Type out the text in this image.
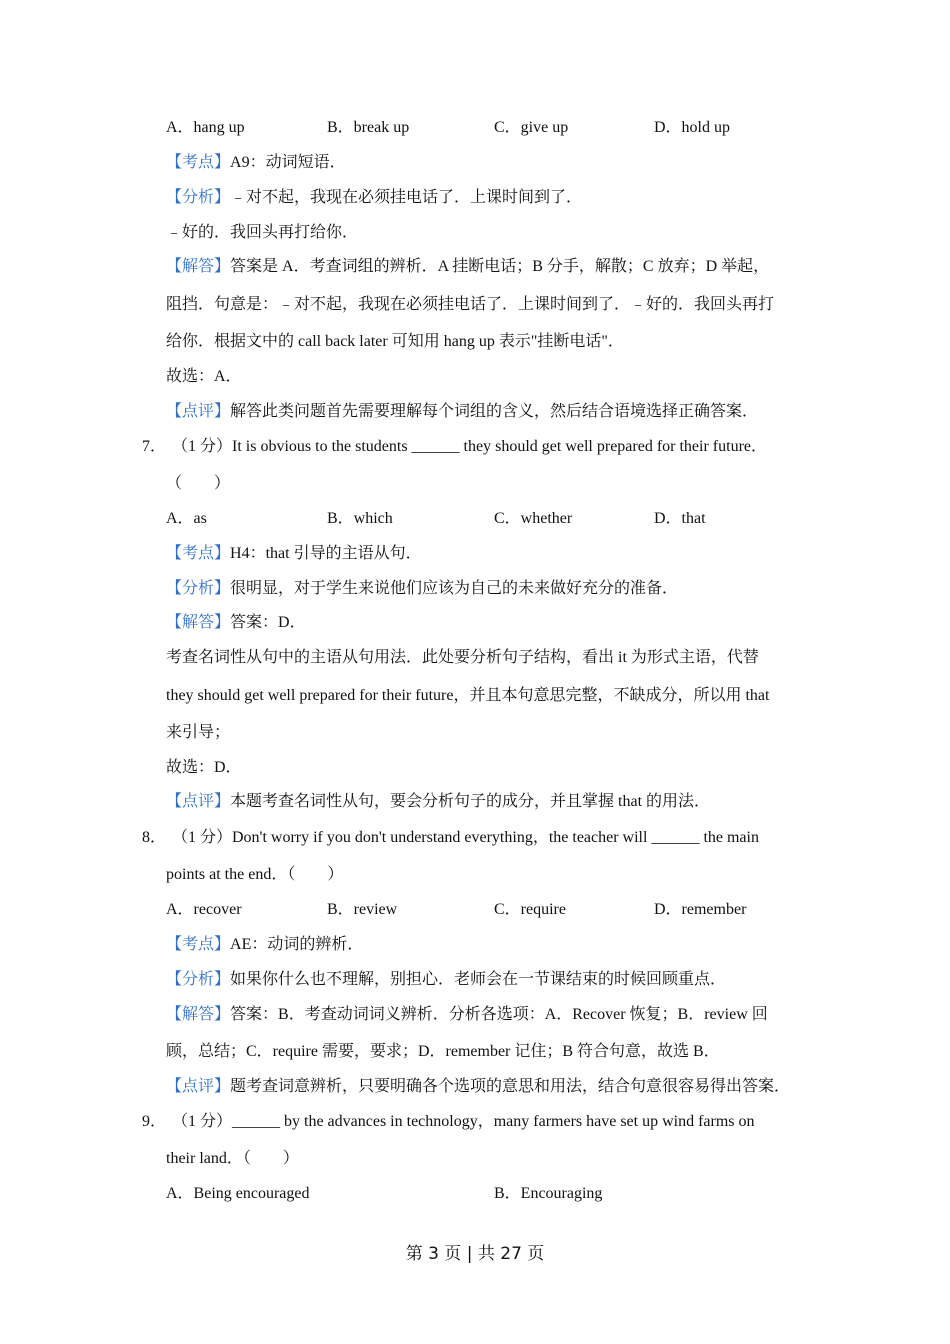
A．hang up	B．break up	C．give up	D．hold up
【考点】A9：动词短语．
【分析】﹣对不起，我现在必须挂电话了．上课时间到了．
﹣好的．我回头再打给你．
【解答】答案是 A．考查词组的辨析．A 挂断电话；B 分手，解散；C 放弃；D 举起，
阻挡．句意是：﹣对不起，我现在必须挂电话了．上课时间到了．﹣好的．我回头再打
给你．根据文中的 call back later 可知用 hang up 表示"挂断电话"．
故选：A．
【点评】解答此类问题首先需要理解每个词组的含义，然后结合语境选择正确答案．
7． （1 分）It is obvious to the students ______ they should get well prepared for their future．
（　　）
A．as	B．which	C．whether	D．that
【考点】H4：that 引导的主语从句．
【分析】很明显，对于学生来说他们应该为自己的未来做好充分的准备．
【解答】答案：D．
考查名词性从句中的主语从句用法．此处要分析句子结构，看出 it 为形式主语，代替
they should get well prepared for their future，并且本句意思完整，不缺成分，所以用 that
来引导；
故选：D．
【点评】本题考查名词性从句，要会分析句子的成分，并且掌握 that 的用法．
8． （1 分）Don't worry if you don't understand everything，the teacher will ______ the main
points at the end．（　　）
A．recover	B．review	C．require	D．remember
【考点】AE：动词的辨析．
【分析】如果你什么也不理解，别担心．老师会在一节课结束的时候回顾重点．
【解答】答案：B．考查动词词义辨析．分析各选项：A．Recover 恢复；B．review 回
顾，总结；C．require 需要，要求；D．remember 记住；B 符合句意，故选 B．
【点评】题考查词意辨析，只要明确各个选项的意思和用法，结合句意很容易得出答案．
9． （1 分）______ by the advances in technology，many farmers have set up wind farms on
their land．（　　）
A．Being encouraged	B．Encouraging
第 3 页 | 共 27 页
